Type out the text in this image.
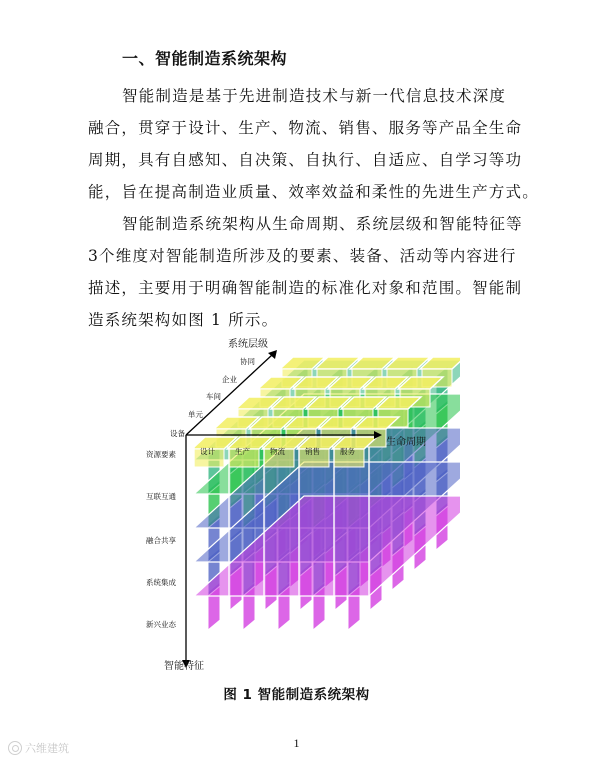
一、智能制造系统架构
智能制造是基于先进制造技术与新一代信息技术深度
融合，贯穿于设计、生产、物流、销售、服务等产品全生命
周期，具有自感知、自决策、自执行、自适应、自学习等功
能，旨在提高制造业质量、效率效益和柔性的先进生产方式。
智能制造系统架构从生命周期、系统层级和智能特征等
3个维度对智能制造所涉及的要素、装备、活动等内容进行
描述，主要用于明确智能制造的标准化对象和范围。智能制
造系统架构如图 1 所示。
系统层级
生命周期
智能特征
设备
单元
车间
企业
协同
设计	生产	物流	销售	服务
资源要素
互联互通
融合共享
系统集成
新兴业态
图 1 智能制造系统架构
1
六维建筑
